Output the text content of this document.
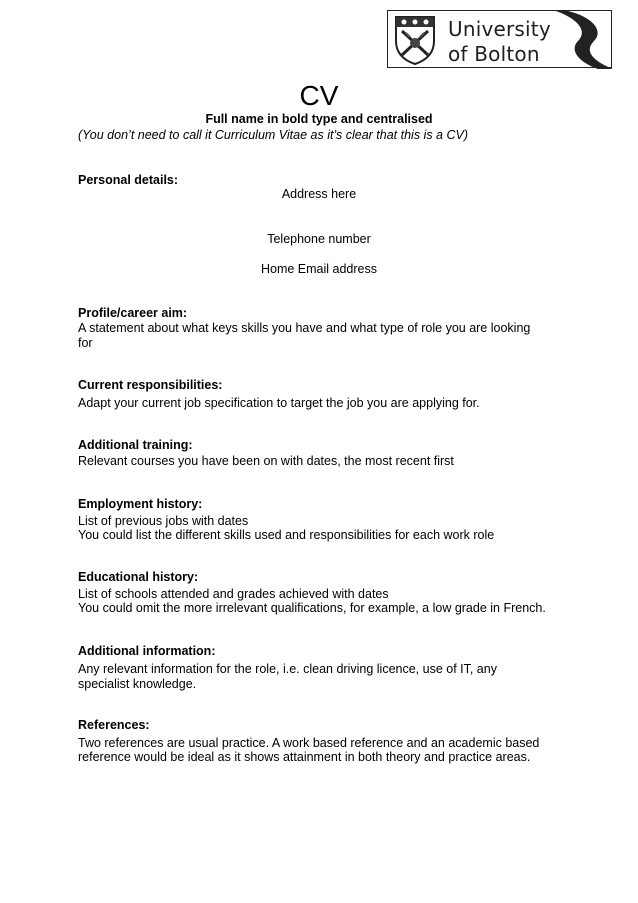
University
of Bolton
CV
Full name in bold type and centralised
(You don’t need to call it Curriculum Vitae as it’s clear that this is a CV)
Personal details:
Address here
Telephone number
Home Email address
Profile/career aim:
A statement about what keys skills you have and what type of role you are looking
for
Current responsibilities:
Adapt your current job specification to target the job you are applying for.
Additional training:
Relevant courses you have been on with dates, the most recent first
Employment history:
List of previous jobs with dates
You could list the different skills used and responsibilities for each work role
Educational history:
List of schools attended and grades achieved with dates
You could omit the more irrelevant qualifications, for example, a low grade in French.
Additional information:
Any relevant information for the role, i.e. clean driving licence, use of IT, any
specialist knowledge.
References:
Two references are usual practice. A work based reference and an academic based
reference would be ideal as it shows attainment in both theory and practice areas.
